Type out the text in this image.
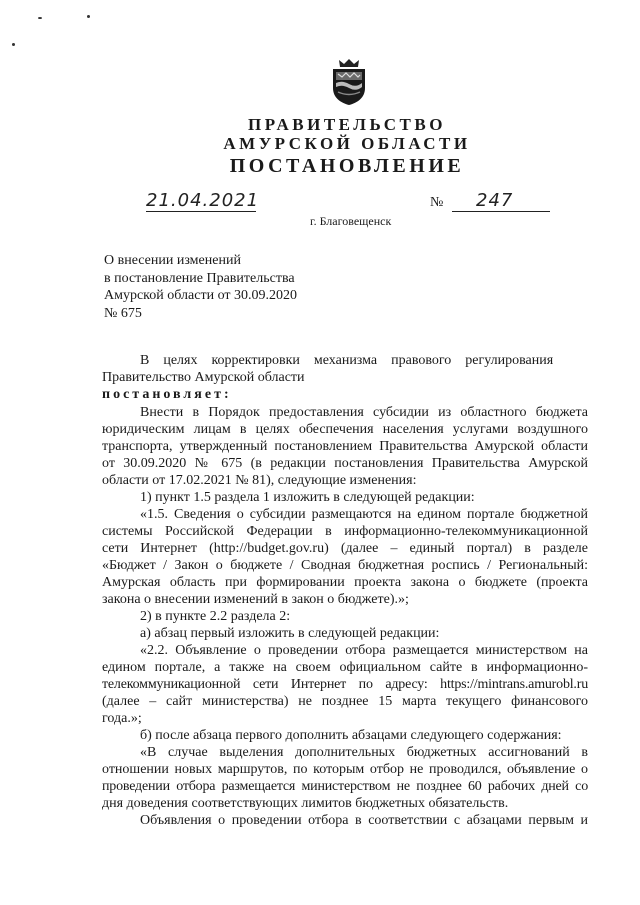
ПРАВИТЕЛЬСТВО
АМУРСКОЙ ОБЛАСТИ
ПОСТАНОВЛЕНИЕ
21.04.2021	№	247
г. Благовещенск
О внесении изменений
в постановление Правительства
Амурской области от 30.09.2020
№ 675
В    целях    корректировки    механизма    правового    регулирования
Правительство Амурской области
постановляет:
Внести в Порядок предоставления субсидии из областного бюджета
юридическим лицам в целях обеспечения населения услугами воздушного
транспорта, утвержденный постановлением Правительства Амурской области
от 30.09.2020 № 675 (в редакции постановления Правительства Амурской
области от 17.02.2021 № 81), следующие изменения:
1) пункт 1.5 раздела 1 изложить в следующей редакции:
«1.5. Сведения о субсидии размещаются на едином портале бюджетной
системы Российской Федерации в информационно-телекоммуникационной
сети Интернет (http://budget.gov.ru) (далее – единый портал) в разделе
«Бюджет / Закон о бюджете / Сводная бюджетная роспись / Региональный:
Амурская область при формировании проекта закона о бюджете (проекта
закона о внесении изменений в закон о бюджете).»;
2) в пункте 2.2 раздела 2:
а) абзац первый изложить в следующей редакции:
«2.2. Объявление о проведении отбора размещается министерством на
едином портале, а также на своем официальном сайте в информационно-
телекоммуникационной сети Интернет по адресу: https://mintrans.amurobl.ru
(далее – сайт министерства) не позднее 15 марта текущего финансового
года.»;
б) после абзаца первого дополнить абзацами следующего содержания:
«В случае выделения дополнительных бюджетных ассигнований в
отношении новых маршрутов, по которым отбор не проводился, объявление о
проведении отбора размещается министерством не позднее 60 рабочих дней со
дня доведения соответствующих лимитов бюджетных обязательств.
Объявления о проведении отбора в соответствии с абзацами первым и
